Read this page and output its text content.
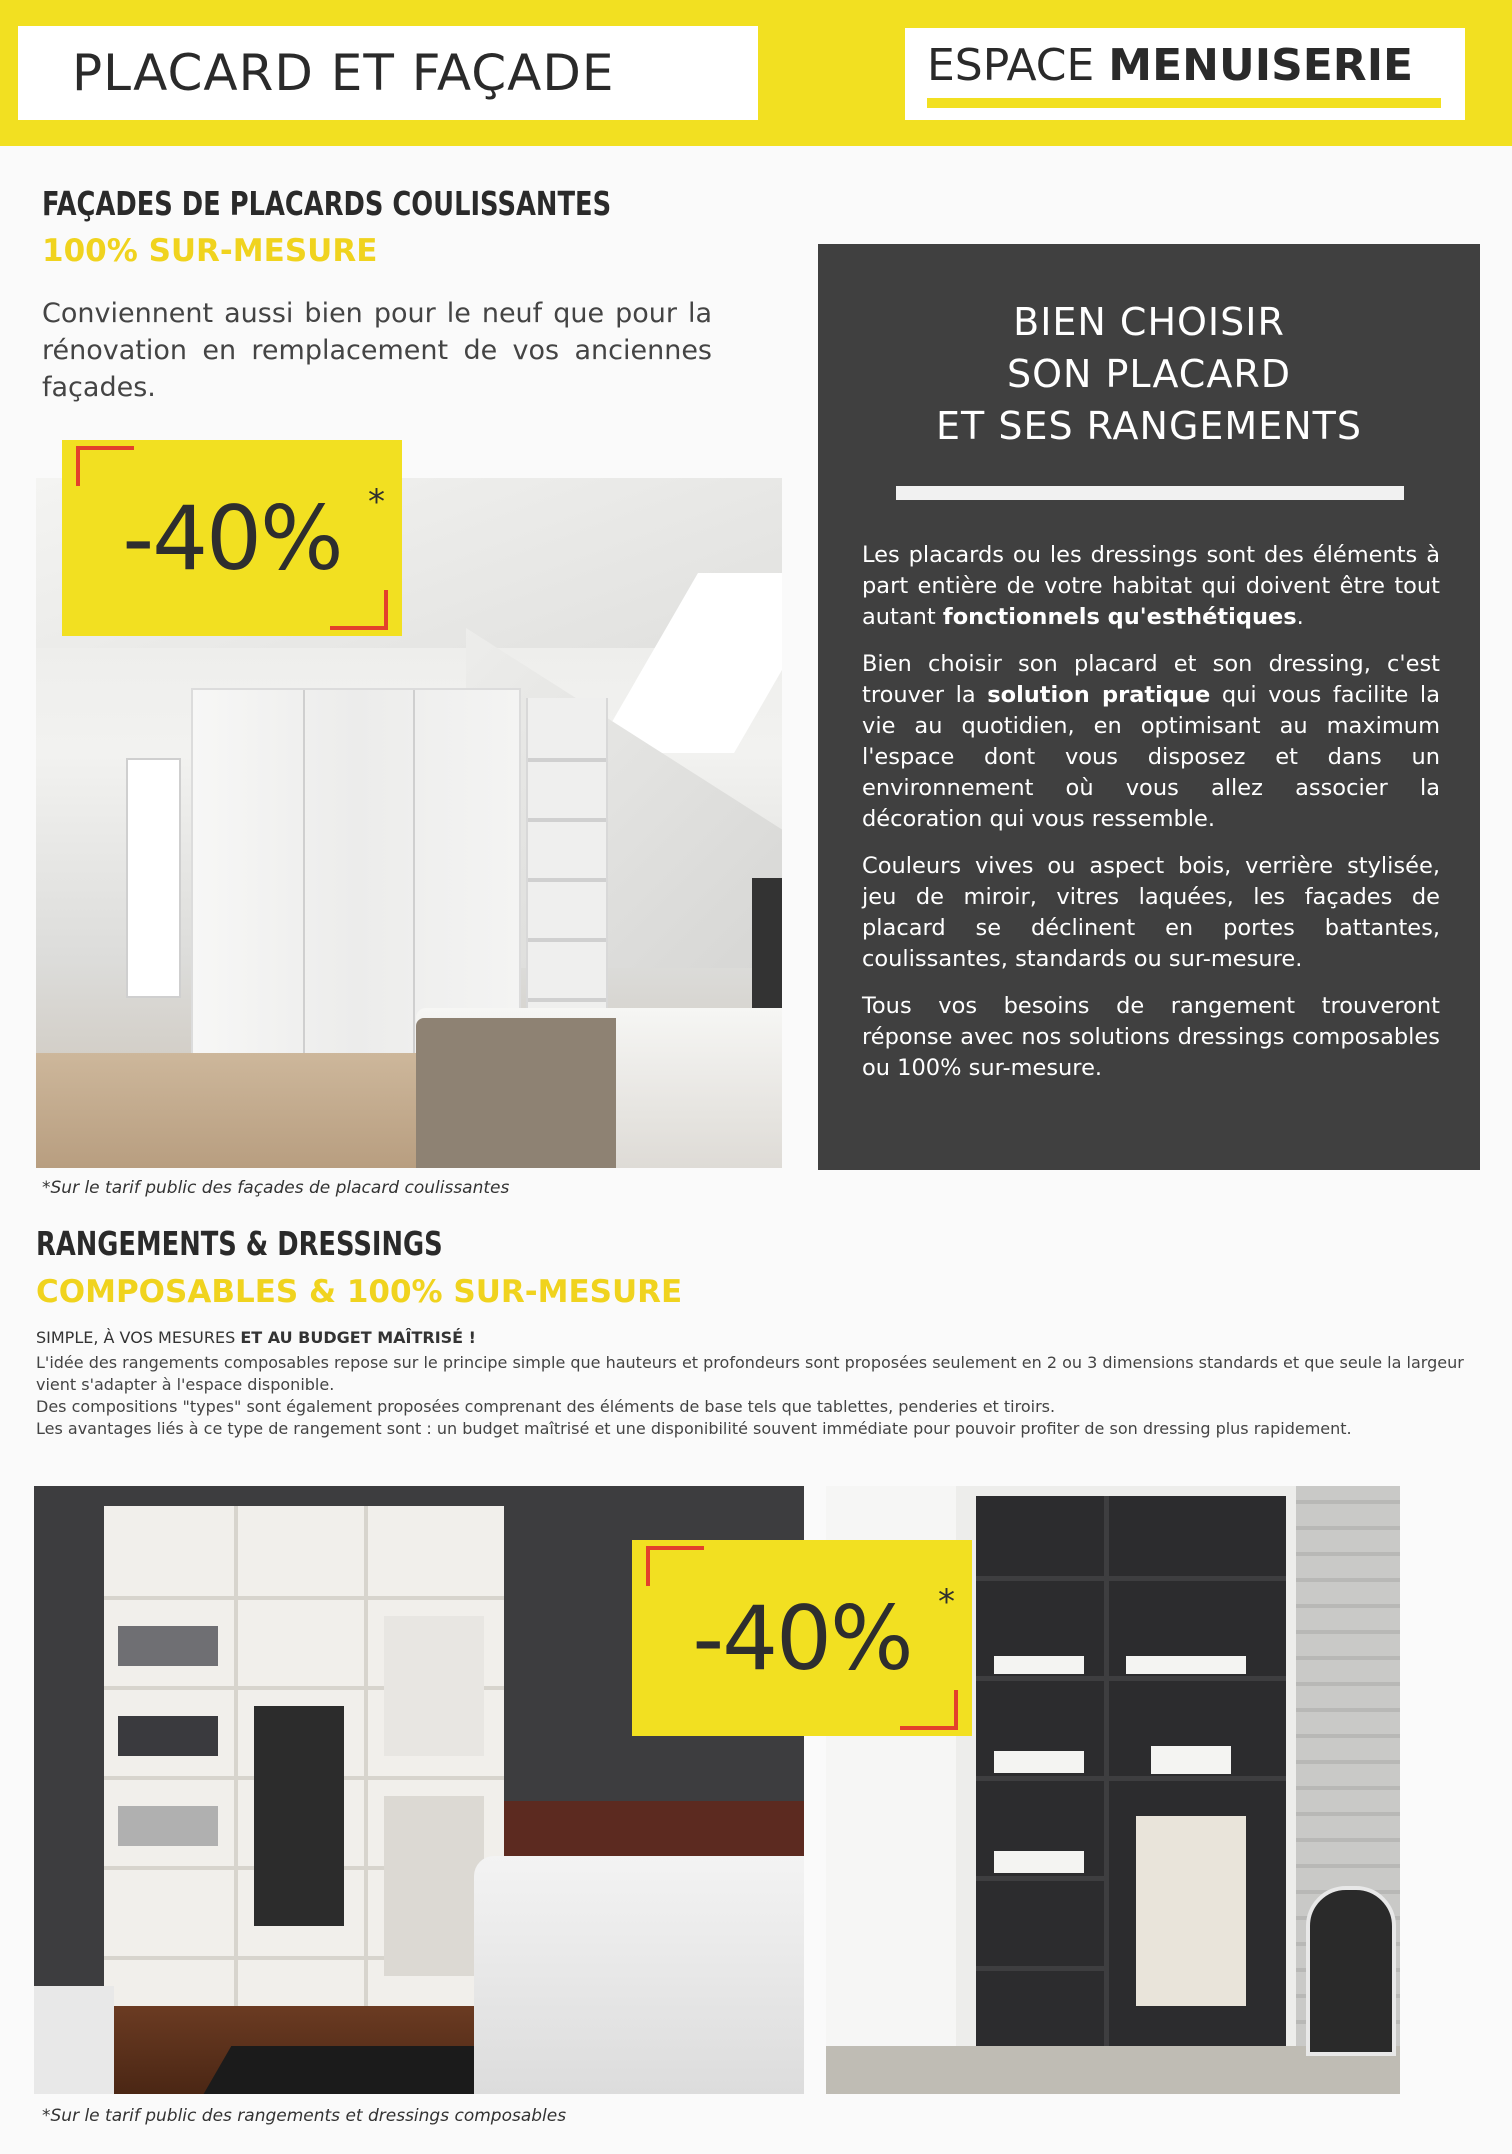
PLACARD ET FAÇADE	ESPACE MENUISERIE
FAÇADES DE PLACARDS COULISSANTES
100% SUR-MESURE
Conviennent aussi bien pour le neuf que pour la rénovation en remplacement de vos anciennes façades.
-40% *
*Sur le tarif public des façades de placard coulissantes
BIEN CHOISIR
SON PLACARD
ET SES RANGEMENTS

Les placards ou les dressings sont des éléments à part entière de votre habitat qui doivent être tout autant fonctionnels qu'esthétiques.

Bien choisir son placard et son dressing, c'est trouver la solution pratique qui vous facilite la vie au quotidien, en optimisant au maximum l'espace dont vous disposez et dans un environnement où vous allez associer la décoration qui vous ressemble.

Couleurs vives ou aspect bois, verrière stylisée, jeu de miroir, vitres laquées, les façades de placard se déclinent en portes battantes, coulissantes, standards ou sur-mesure.

Tous vos besoins de rangement trouveront réponse avec nos solutions dressings composables ou 100% sur-mesure.

RANGEMENTS & DRESSINGS
COMPOSABLES & 100% SUR-MESURE
SIMPLE, À VOS MESURES ET AU BUDGET MAÎTRISÉ !

L'idée des rangements composables repose sur le principe simple que hauteurs et profondeurs sont proposées seulement en 2 ou 3 dimensions standards et que seule la largeur vient s'adapter à l'espace disponible.

Des compositions "types" sont également proposées comprenant des éléments de base tels que tablettes, penderies et tiroirs.

Les avantages liés à ce type de rangement sont : un budget maîtrisé et une disponibilité souvent immédiate pour pouvoir profiter de son dressing plus rapidement.

-40% *
*Sur le tarif public des rangements et dressings composables
